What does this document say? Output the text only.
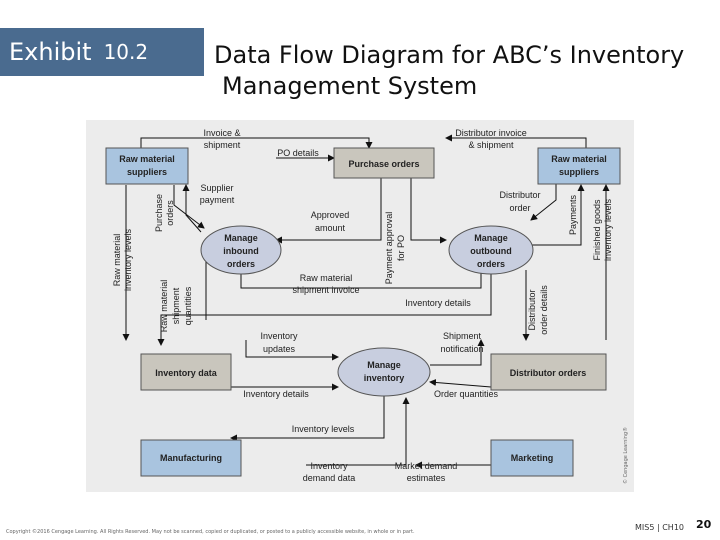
Exhibit 10.2	Data Flow Diagram for ABC’s Inventory
Management System
Raw material
suppliers
Raw material
suppliers
Manufacturing	Marketing
Purchase orders
Inventory data	Distributor orders
Manage
inbound
orders
Manage
outbound
orders
Manage
inventory
Invoice &
shipment
PO details
Distributor invoice
& shipment
Supplier
payment
Approved
amount
Distributor
order
Raw material
shipment invoice
Inventory details
Inventory
updates
Shipment
notification
Inventory details	Order quantities
Inventory levels
Inventory
demand data
Market demand
estimates
Raw material inventory levels
Purchase orders	Payment approval for PO
Payments Finished goods inventory levels
Raw material shipment quantities	Distributor order details
© Cengage Learning®
Copyright ©2016 Cengage Learning. All Rights Reserved. May not be scanned, copied or duplicated, or posted to a publicly accessible website, in whole or in part.	MIS5 | CH10 20
